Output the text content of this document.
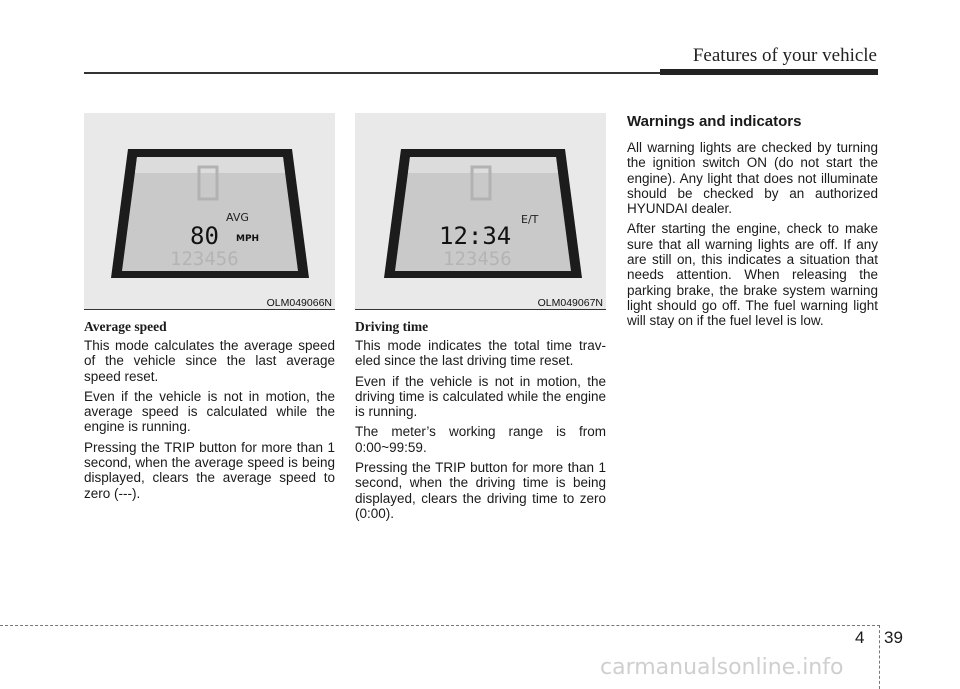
Features of your vehicle
AVG
80 MPH
123456
OLM049066N
Average speed

This mode calculates the average speed of the vehicle since the last average speed reset.

Even if the vehicle is not in motion, the average speed is calculated while the engine is running.

Pressing the TRIP button for more than 1 second, when the average speed is being displayed, clears the average speed to zero (---).

E/T
12:34
123456
OLM049067N
Driving time

This mode indicates the total time trav-eled since the last driving time reset.

Even if the vehicle is not in motion, the driving time is calculated while the engine is running.

The meter’s working range is from 0:00~99:59.

Pressing the TRIP button for more than 1 second, when the driving time is being displayed, clears the driving time to zero (0:00).

Warnings and indicators

All warning lights are checked by turning the ignition switch ON (do not start the engine). Any light that does not illuminate should be checked by an authorized HYUNDAI dealer.

After starting the engine, check to make sure that all warning lights are off. If any are still on, this indicates a situation that needs attention. When releasing the parking brake, the brake system warning light should go off. The fuel warning light will stay on if the fuel level is low.

4 39
carmanualsonline.info
